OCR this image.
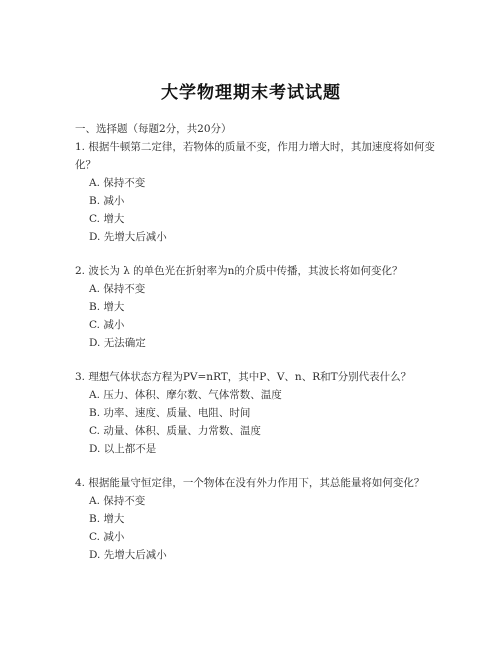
大学物理期末考试试题

一、选择题（每题2分，共20分）

1. 根据牛顿第二定律，若物体的质量不变，作用力增大时，其加速度将如何变化？

A. 保持不变
B. 减小
C. 增大
D. 先增大后减小

2. 波长为 λ 的单色光在折射率为n的介质中传播，其波长将如何变化？

A. 保持不变
B. 增大
C. 减小
D. 无法确定

3. 理想气体状态方程为PV=nRT，其中P、V、n、R和T分别代表什么？

A. 压力、体积、摩尔数、气体常数、温度
B. 功率、速度、质量、电阻、时间
C. 动量、体积、质量、力常数、温度
D. 以上都不是

4. 根据能量守恒定律，一个物体在没有外力作用下，其总能量将如何变化？

A. 保持不变
B. 增大
C. 减小
D. 先增大后减小
